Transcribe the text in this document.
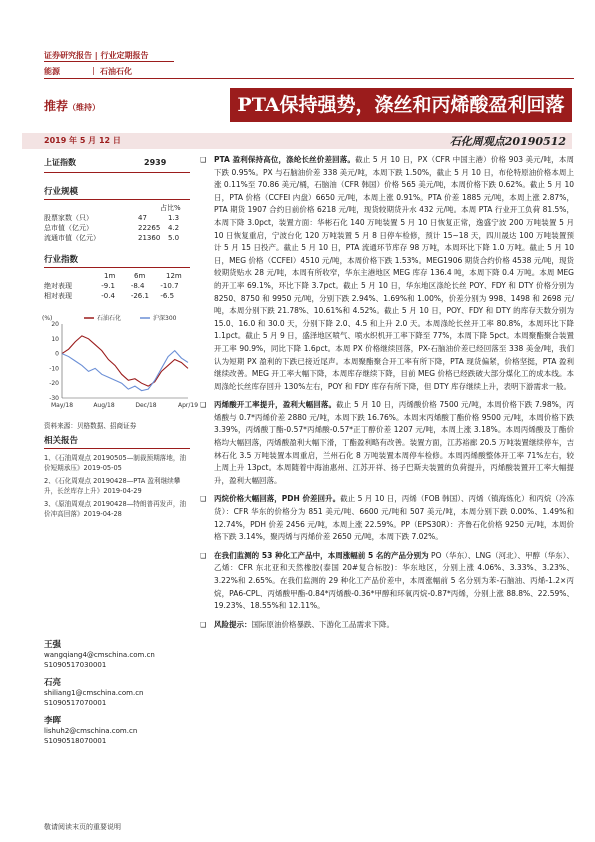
证券研究报告 | 行业定期报告
能源	石油石化
|
推荐（维持）	PTA保持强势，涤丝和丙烯酸盈利回落
2019 年 5 月 12 日	石化周观点20190512
上证指数	2939
行业规模
占比%
股票家数（只）	47	1.3
总市值（亿元）	22265	4.2
流通市值（亿元）	21360	5.0
行业指数
1m	6m	12m
绝对表现	-9.1	-8.4	-10.7
相对表现	-0.4	-26.1	-6.5
(%)	石油石化	沪深300
20
10
0
-10
-20
-30
May/18	Aug/18	Dec/18	Apr/19
资料来源：贝格数据、招商证券
相关报告
1、《石油周观点 20190505—制裁预期落地，油价短期承压》2019-05-05
2、《石化周观点 20190428—PTA 盈利继续攀升，长丝库存上升》2019-04-29
3、《原油周观点 20190428—特朗普再发声，油价冲高回落》2019-04-28
王强
wangqiang4@cmschina.com.cn
S1090517030001
石亮
shiliang1@cmschina.com.cn
S1090517070001
李晖
lishuh2@cmschina.com.cn
S1090518070001
❑ PTA 盈利保持高位，涤纶长丝价差回落。截止 5 月 10 日，PX（CFR 中国主港）价格 903 美元/吨，本周下跌 0.95%。PX 与石脑油价差 338 美元/吨，本周下跌 1.50%，截止 5 月 10 日，布伦特原油价格本周上涨 0.11%至 70.86 美元/桶，石脑油（CFR 韩国）价格 565 美元/吨，本周价格下跌 0.62%。截止 5 月 10 日，PTA 价格（CCFEI 内盘）6650 元/吨，本周上涨 0.91%。PTA 价差 1885 元/吨，本周上涨 2.87%，PTA 期货 1907 合约日前价格 6218 元/吨，现货较期货升水 432 元/吨。本周 PTA 行业开工负荷 81.5%，本周下降 3.0pct，装置方面：华彬石化 140 万吨装置 5 月 10 日恢复正常，逸盛宁波 200 万吨装置 5 月 10 日恢复重启，宁波台化 120 万吨装置 5 月 8 日停车检修，预计 15~18 天，四川晟达 100 万吨装置预计 5 月 15 日投产。截止 5 月 10 日，PTA 流通环节库存 98 万吨，本周环比下降 1.0 万吨。截止 5 月 10 日，MEG 价格（CCFEI）4510 元/吨，本周价格下跌 1.53%。MEG1906 期货合约价格 4538 元/吨，现货较期货贴水 28 元/吨，本周有所收窄，华东主港地区 MEG 库存 136.4 吨，本周下降 0.4 万吨。本周 MEG 的开工率 69.1%，环比下降 3.7pct。截止 5 月 10 日，华东地区涤纶长丝 POY、FDY 和 DTY 价格分别为 8250、8750 和 9950 元/吨，分别下跌 2.94%、1.69%和 1.00%，价差分别为 998、1498 和 2698 元/吨，本周分别下跌 21.78%、10.61%和 4.52%。截止 5 月 10 日，POY、FDY 和 DTY 的库存天数分别为 15.0、16.0 和 30.0 天，分别下降 2.0、4.5 和上升 2.0 天。本周涤纶长丝开工率 80.8%，本周环比下降 1.1pct。截止 5 月 9 日，盛泽地区喷气、喷水织机开工率下降至 77%，本周下降 5pct。本周聚酯聚合装置开工率 90.9%，同比下降 1.6pct。本周 PX 价格继续回落，PX-石脑油价差已经回落至 338 美金/吨，我们认为短期 PX 盈利的下跌已接近尾声。本周聚酯聚合开工率有所下降，PTA 现货偏紧，价格坚挺，PTA 盈利继续改善。MEG 开工率大幅下降，本周库存继续下降，目前 MEG 价格已经跌破大部分煤化工的成本线。本周涤纶长丝库存回升 130%左右，POY 和 FDY 库存有所下降，但 DTY 库存继续上升，表明下游需求一般。
❑ 丙烯酸开工率提升，盈利大幅回落。截止 5 月 10 日，丙烯酸价格 7500 元/吨，本周价格下跌 7.98%，丙烯酸与 0.7*丙烯价差 2880 元/吨，本周下跌 16.76%。本周末丙烯酸丁酯价格 9500 元/吨，本周价格下跌 3.39%，丙烯酸丁酯-0.57*丙烯酸-0.57*正丁醇价差 1207 元/吨，本周上涨 3.18%。本周丙烯酸及丁酯价格均大幅回落，丙烯酸盈利大幅下滑，丁酯盈利略有改善。装置方面，江苏裕廊 20.5 万吨装置继续停车，吉林石化 3.5 万吨装置本周重启，兰州石化 8 万吨装置本周停车检修。本周丙烯酸整体开工率 71%左右，较上周上升 13pct。本周随着中海油惠州、江苏开祥、扬子巴斯夫装置的负荷提升，丙烯酸装置开工率大幅提升，盈利大幅回落。
❑ 丙烷价格大幅回落，PDH 价差回升。截止 5 月 10 日，丙烯（FOB 韩国）、丙烯（镇海炼化）和丙烷（冷冻货）：CFR 华东的价格分为 851 美元/吨、6600 元/吨和 507 美元/吨，本周分别下跌 0.00%、1.49%和 12.74%，PDH 价差 2456 元/吨，本周上涨 22.59%。PP（EPS30R）：齐鲁石化价格 9250 元/吨，本周价格下跌 3.14%，聚丙烯与丙烯价差 2650 元/吨，本周下跌 7.02%。
❑ 在我们监测的 53 种化工产品中，本周涨幅前 5 名的产品分别为 PO（华东）、LNG（河北）、甲醇（华东）、乙烯：CFR 东北亚和天然橡胶(泰国 20#复合标胶)：华东地区，分别上涨 4.06%、3.33%、3.23%、3.22%和 2.65%。在我们监测的 29 种化工产品价差中，本周涨幅前 5 名分别为苯-石脑油、丙烯-1.2×丙烷，PA6-CPL、丙烯酸甲酯-0.84*丙烯酸-0.36*甲醇和环氧丙烷-0.87*丙烯，分别上涨 88.8%、22.59%、19.23%、18.55%和 12.11%。
❑ 风险提示：国际原油价格暴跌、下游化工品需求下降。
敬请阅读末页的重要说明
